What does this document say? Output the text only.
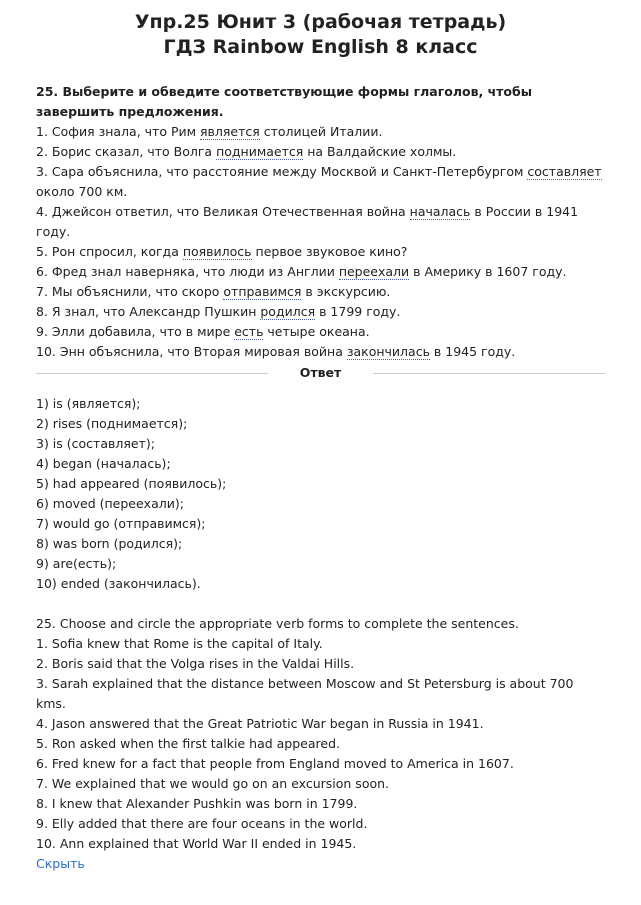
Упр.25 Юнит 3 (рабочая тетрадь)
ГДЗ Rainbow English 8 класс
25. Выберите и обведите соответствующие формы глаголов, чтобы завершить предложения.
1. София знала, что Рим является столицей Италии.
2. Борис сказал, что Волга поднимается на Валдайские холмы.
3. Сара объяснила, что расстояние между Москвой и Санкт-Петербургом составляет
около 700 км.
4. Джейсон ответил, что Великая Отечественная война началась в России в 1941
году.
5. Рон спросил, когда появилось первое звуковое кино?
6. Фред знал наверняка, что люди из Англии переехали в Америку в 1607 году.
7. Мы объяснили, что скоро отправимся в экскурсию.
8. Я знал, что Александр Пушкин родился в 1799 году.
9. Элли добавила, что в мире есть четыре океана.
10. Энн объяснила, что Вторая мировая война закончилась в 1945 году.
Ответ
1) is (является);
2) rises (поднимается);
3) is (составляет);
4) began (началась);
5) had appeared (появилось);
6) moved (переехали);
7) would go (отправимся);
8) was born (родился);
9) are(есть);
10) ended (закончилась).
25. Choose and circle the appropriate verb forms to complete the sentences.
1. Sofia knew that Rome is the capital of Italy.
2. Boris said that the Volga rises in the Valdai Hills.
3. Sarah explained that the distance between Moscow and St Petersburg is about 700
kms.
4. Jason answered that the Great Patriotic War began in Russia in 1941.
5. Ron asked when the first talkie had appeared.
6. Fred knew for a fact that people from England moved to America in 1607.
7. We explained that we would go on an excursion soon.
8. I knew that Alexander Pushkin was born in 1799.
9. Elly added that there are four oceans in the world.
10. Ann explained that World War II ended in 1945.
Скрыть
